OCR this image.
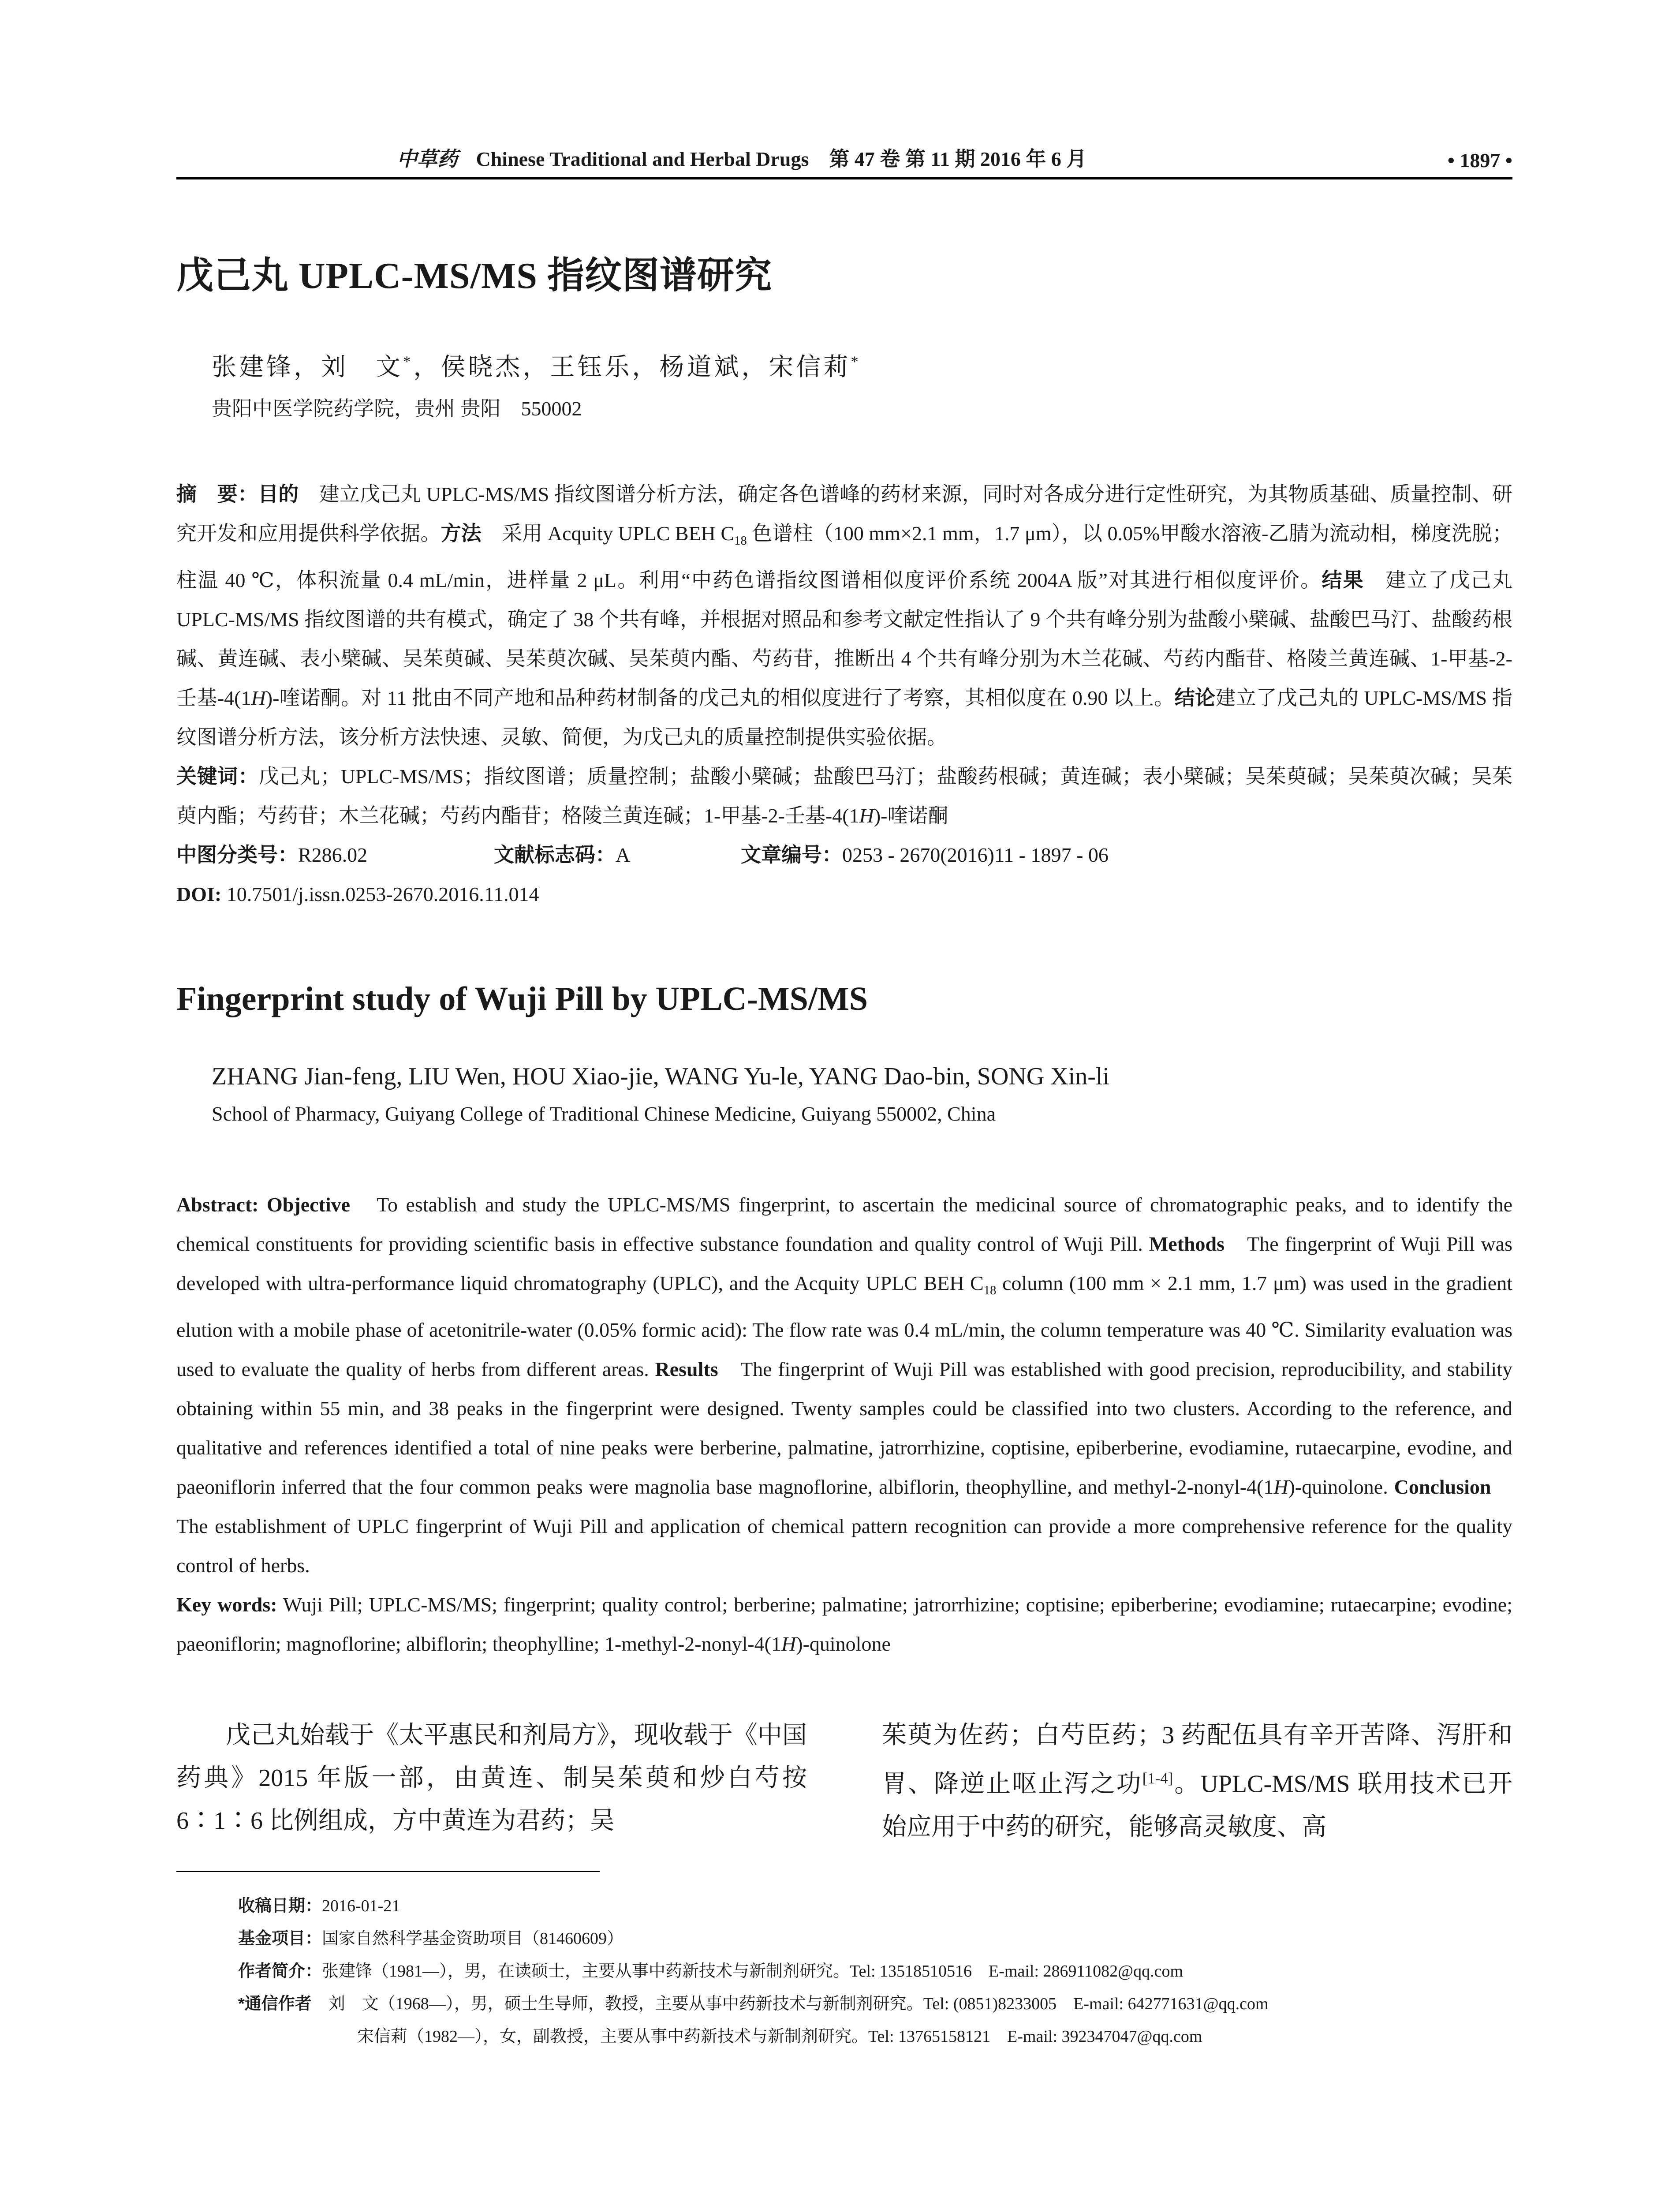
中草药 Chinese Traditional and Herbal Drugs 第 47 卷 第 11 期 2016 年 6 月	• 1897 •
戊己丸 UPLC-MS/MS 指纹图谱研究
张建锋，刘　文*，侯晓杰，王钰乐，杨道斌，宋信莉*
贵阳中医学院药学院，贵州 贵阳　550002

摘　要：目的　建立戊己丸 UPLC-MS/MS 指纹图谱分析方法，确定各色谱峰的药材来源，同时对各成分进行定性研究，为其物质基础、质量控制、研究开发和应用提供科学依据。方法　采用 Acquity UPLC BEH $C_{18}$ 色谱柱（100 mm×2.1 mm，1.7 μm），以 0.05%甲酸水溶液-乙腈为流动相，梯度洗脱；柱温 40 ℃，体积流量 0.4 mL/min，进样量 2 μL。利用“中药色谱指纹图谱相似度评价系统 2004A 版”对其进行相似度评价。结果　建立了戊己丸 UPLC-MS/MS 指纹图谱的共有模式，确定了 38 个共有峰，并根据对照品和参考文献定性指认了 9 个共有峰分别为盐酸小檗碱、盐酸巴马汀、盐酸药根碱、黄连碱、表小檗碱、吴茱萸碱、吴茱萸次碱、吴茱萸内酯、芍药苷，推断出 4 个共有峰分别为木兰花碱、芍药内酯苷、格陵兰黄连碱、1-甲基-2-壬基-4(1H)-喹诺酮。对 11 批由不同产地和品种药材制备的戊己丸的相似度进行了考察，其相似度在 0.90 以上。结论建立了戊己丸的 UPLC-MS/MS 指纹图谱分析方法，该分析方法快速、灵敏、简便，为戊己丸的质量控制提供实验依据。

关键词：戊己丸；UPLC-MS/MS；指纹图谱；质量控制；盐酸小檗碱；盐酸巴马汀；盐酸药根碱；黄连碱；表小檗碱；吴茱萸碱；吴茱萸次碱；吴茱萸内酯；芍药苷；木兰花碱；芍药内酯苷；格陵兰黄连碱；1-甲基-2-壬基-4(1H)-喹诺酮

中图分类号：R286.02	文献标志码：A	文章编号：0253 - 2670(2016)11 - 1897 - 06
DOI: 10.7501/j.issn.0253-2670.2016.11.014
Fingerprint study of Wuji Pill by UPLC-MS/MS
ZHANG Jian-feng, LIU Wen, HOU Xiao-jie, WANG Yu-le, YANG Dao-bin, SONG Xin-li
School of Pharmacy, Guiyang College of Traditional Chinese Medicine, Guiyang 550002, China

Abstract: Objective　To establish and study the UPLC-MS/MS fingerprint, to ascertain the medicinal source of chromatographic peaks, and to identify the chemical constituents for providing scientific basis in effective substance foundation and quality control of Wuji Pill. Methods　The fingerprint of Wuji Pill was developed with ultra-performance liquid chromatography (UPLC), and the Acquity UPLC BEH $C_{18}$ column (100 mm × 2.1 mm, 1.7 μm) was used in the gradient elution with a mobile phase of acetonitrile-water (0.05% formic acid): The flow rate was 0.4 mL/min, the column temperature was 40 ℃. Similarity evaluation was used to evaluate the quality of herbs from different areas. Results　The fingerprint of Wuji Pill was established with good precision, reproducibility, and stability obtaining within 55 min, and 38 peaks in the fingerprint were designed. Twenty samples could be classified into two clusters. According to the reference, and qualitative and references identified a total of nine peaks were berberine, palmatine, jatrorrhizine, coptisine, epiberberine, evodiamine, rutaecarpine, evodine, and paeoniflorin inferred that the four common peaks were magnolia base magnoflorine, albiflorin, theophylline, and methyl-2-nonyl-4(1H)-quinolone. Conclusion　The establishment of UPLC fingerprint of Wuji Pill and application of chemical pattern recognition can provide a more comprehensive reference for the quality control of herbs.

Key words: Wuji Pill; UPLC-MS/MS; fingerprint; quality control; berberine; palmatine; jatrorrhizine; coptisine; epiberberine; evodiamine; rutaecarpine; evodine; paeoniflorin; magnoflorine; albiflorin; theophylline; 1-methyl-2-nonyl-4(1H)-quinolone

戊己丸始载于《太平惠民和剂局方》，现收载于《中国药典》2015 年版一部，由黄连、制吴茱萸和炒白芍按 6∶1∶6 比例组成，方中黄连为君药；吴

茱萸为佐药；白芍臣药；3 药配伍具有辛开苦降、泻肝和胃、降逆止呕止泻之功[1-4]。UPLC-MS/MS 联用技术已开始应用于中药的研究，能够高灵敏度、高

收稿日期：2016-01-21
基金项目：国家自然科学基金资助项目（81460609）
作者简介：张建锋（1981—），男，在读硕士，主要从事中药新技术与新制剂研究。Tel: 13518510516　E-mail: 286911082@qq.com
*通信作者　刘　文（1968—），男，硕士生导师，教授，主要从事中药新技术与新制剂研究。Tel: (0851)8233005　E-mail: 642771631@qq.com
宋信莉（1982—），女，副教授，主要从事中药新技术与新制剂研究。Tel: 13765158121　E-mail: 392347047@qq.com
